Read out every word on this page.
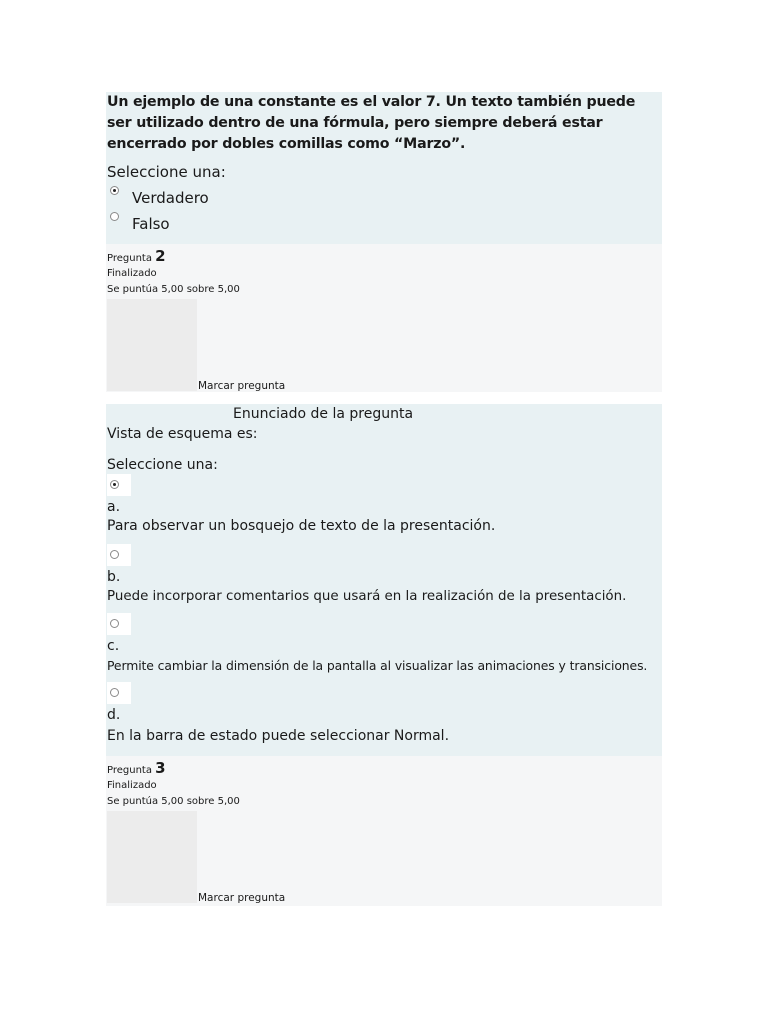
Un ejemplo de una constante es el valor 7. Un texto también puede ser utilizado dentro de una fórmula, pero siempre deberá estar encerrado por dobles comillas como “Marzo”.
Seleccione una:
Verdadero
Falso
Pregunta 2
Finalizado
Se puntúa 5,00 sobre 5,00
Marcar pregunta
Enunciado de la pregunta
Vista de esquema es:
Seleccione una:
a.
Para observar un bosquejo de texto de la presentación.
b.
Puede incorporar comentarios que usará en la realización de la presentación.
c.
Permite cambiar la dimensión de la pantalla al visualizar las animaciones y transiciones.
d.
En la barra de estado puede seleccionar Normal.
Pregunta 3
Finalizado
Se puntúa 5,00 sobre 5,00
Marcar pregunta
